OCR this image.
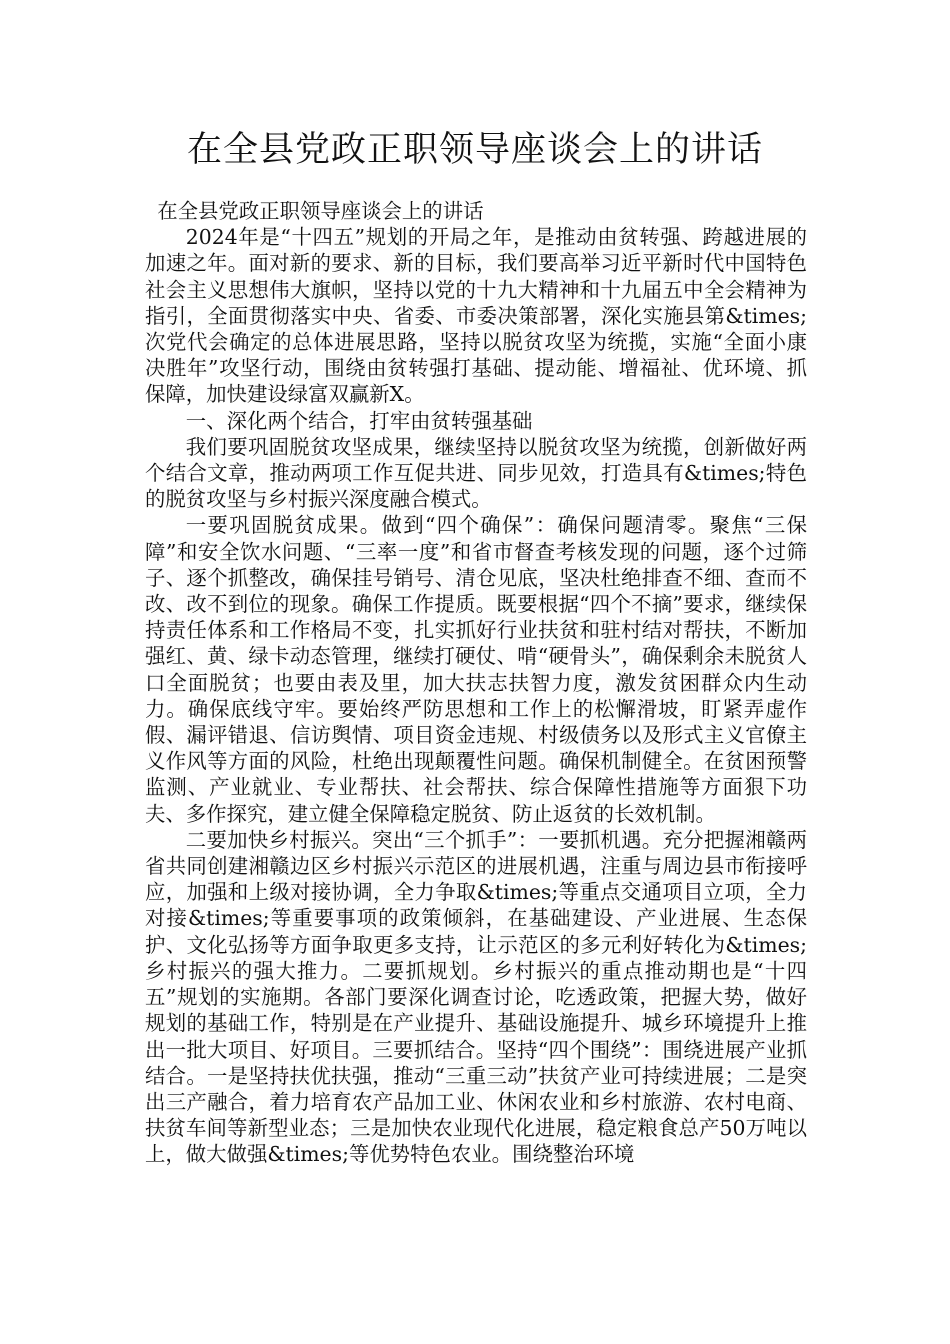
在全县党政正职领导座谈会上的讲话

在全县党政正职领导座谈会上的讲话

2024年是“十四五”规划的开局之年，是推动由贫转强、跨越进展的加速之年。面对新的要求、新的目标，我们要高举习近平新时代中国特色社会主义思想伟大旗帜，坚持以党的十九大精神和十九届五中全会精神为指引，全面贯彻落实中央、省委、市委决策部署，深化实施县第&times;次党代会确定的总体进展思路，坚持以脱贫攻坚为统揽，实施“全面小康决胜年”攻坚行动，围绕由贫转强打基础、提动能、增福祉、优环境、抓保障，加快建设绿富双赢新X。

一、深化两个结合，打牢由贫转强基础

我们要巩固脱贫攻坚成果，继续坚持以脱贫攻坚为统揽，创新做好两个结合文章，推动两项工作互促共进、同步见效，打造具有&times;特色的脱贫攻坚与乡村振兴深度融合模式。

一要巩固脱贫成果。做到“四个确保”：确保问题清零。聚焦“三保障”和安全饮水问题、“三率一度”和省市督查考核发现的问题，逐个过筛子、逐个抓整改，确保挂号销号、清仓见底，坚决杜绝排查不细、查而不改、改不到位的现象。确保工作提质。既要根据“四个不摘”要求，继续保持责任体系和工作格局不变，扎实抓好行业扶贫和驻村结对帮扶，不断加强红、黄、绿卡动态管理，继续打硬仗、啃“硬骨头”，确保剩余未脱贫人口全面脱贫；也要由表及里，加大扶志扶智力度，激发贫困群众内生动力。确保底线守牢。要始终严防思想和工作上的松懈滑坡，盯紧弄虚作假、漏评错退、信访舆情、项目资金违规、村级债务以及形式主义官僚主义作风等方面的风险，杜绝出现颠覆性问题。确保机制健全。在贫困预警监测、产业就业、专业帮扶、社会帮扶、综合保障性措施等方面狠下功夫、多作探究，建立健全保障稳定脱贫、防止返贫的长效机制。

二要加快乡村振兴。突出“三个抓手”：一要抓机遇。充分把握湘赣两省共同创建湘赣边区乡村振兴示范区的进展机遇，注重与周边县市衔接呼应，加强和上级对接协调，全力争取&times;等重点交通项目立项，全力对接&times;等重要事项的政策倾斜，在基础建设、产业进展、生态保护、文化弘扬等方面争取更多支持，让示范区的多元利好转化为&times;乡村振兴的强大推力。二要抓规划。乡村振兴的重点推动期也是“十四五”规划的实施期。各部门要深化调查讨论，吃透政策，把握大势，做好规划的基础工作，特别是在产业提升、基础设施提升、城乡环境提升上推出一批大项目、好项目。三要抓结合。坚持“四个围绕”：围绕进展产业抓结合。一是坚持扶优扶强，推动“三重三动”扶贫产业可持续进展；二是突出三产融合，着力培育农产品加工业、休闲农业和乡村旅游、农村电商、扶贫车间等新型业态；三是加快农业现代化进展，稳定粮食总产50万吨以上，做大做强&times;等优势特色农业。围绕整治环境
